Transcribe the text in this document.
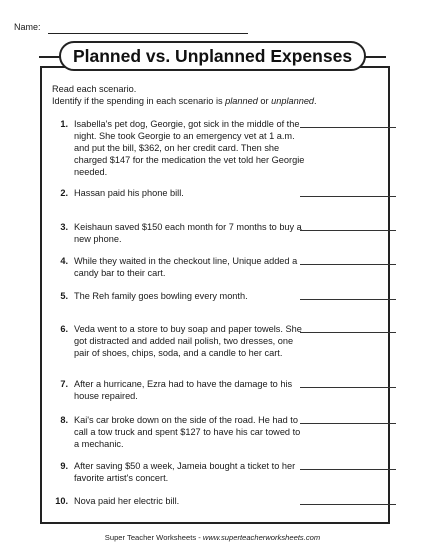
Name:
Planned vs. Unplanned Expenses
Read each scenario.
Identify if the spending in each scenario is planned or unplanned.
1. Isabella's pet dog, Georgie, got sick in the middle of the night. She took Georgie to an emergency vet at 1 a.m. and put the bill, $362, on her credit card. Then she charged $147 for the medication the vet told her Georgie needed.
2. Hassan paid his phone bill.
3. Keishaun saved $150 each month for 7 months to buy a new phone.
4. While they waited in the checkout line, Unique added a candy bar to their cart.
5. The Reh family goes bowling every month.
6. Veda went to a store to buy soap and paper towels. She got distracted and added nail polish, two dresses, one pair of shoes, chips, soda, and a candle to her cart.
7. After a hurricane, Ezra had to have the damage to his house repaired.
8. Kai's car broke down on the side of the road. He had to call a tow truck and spent $127 to have his car towed to a mechanic.
9. After saving $50 a week, Jameia bought a ticket to her favorite artist's concert.
10. Nova paid her electric bill.
Super Teacher Worksheets - www.superteacherworksheets.com
